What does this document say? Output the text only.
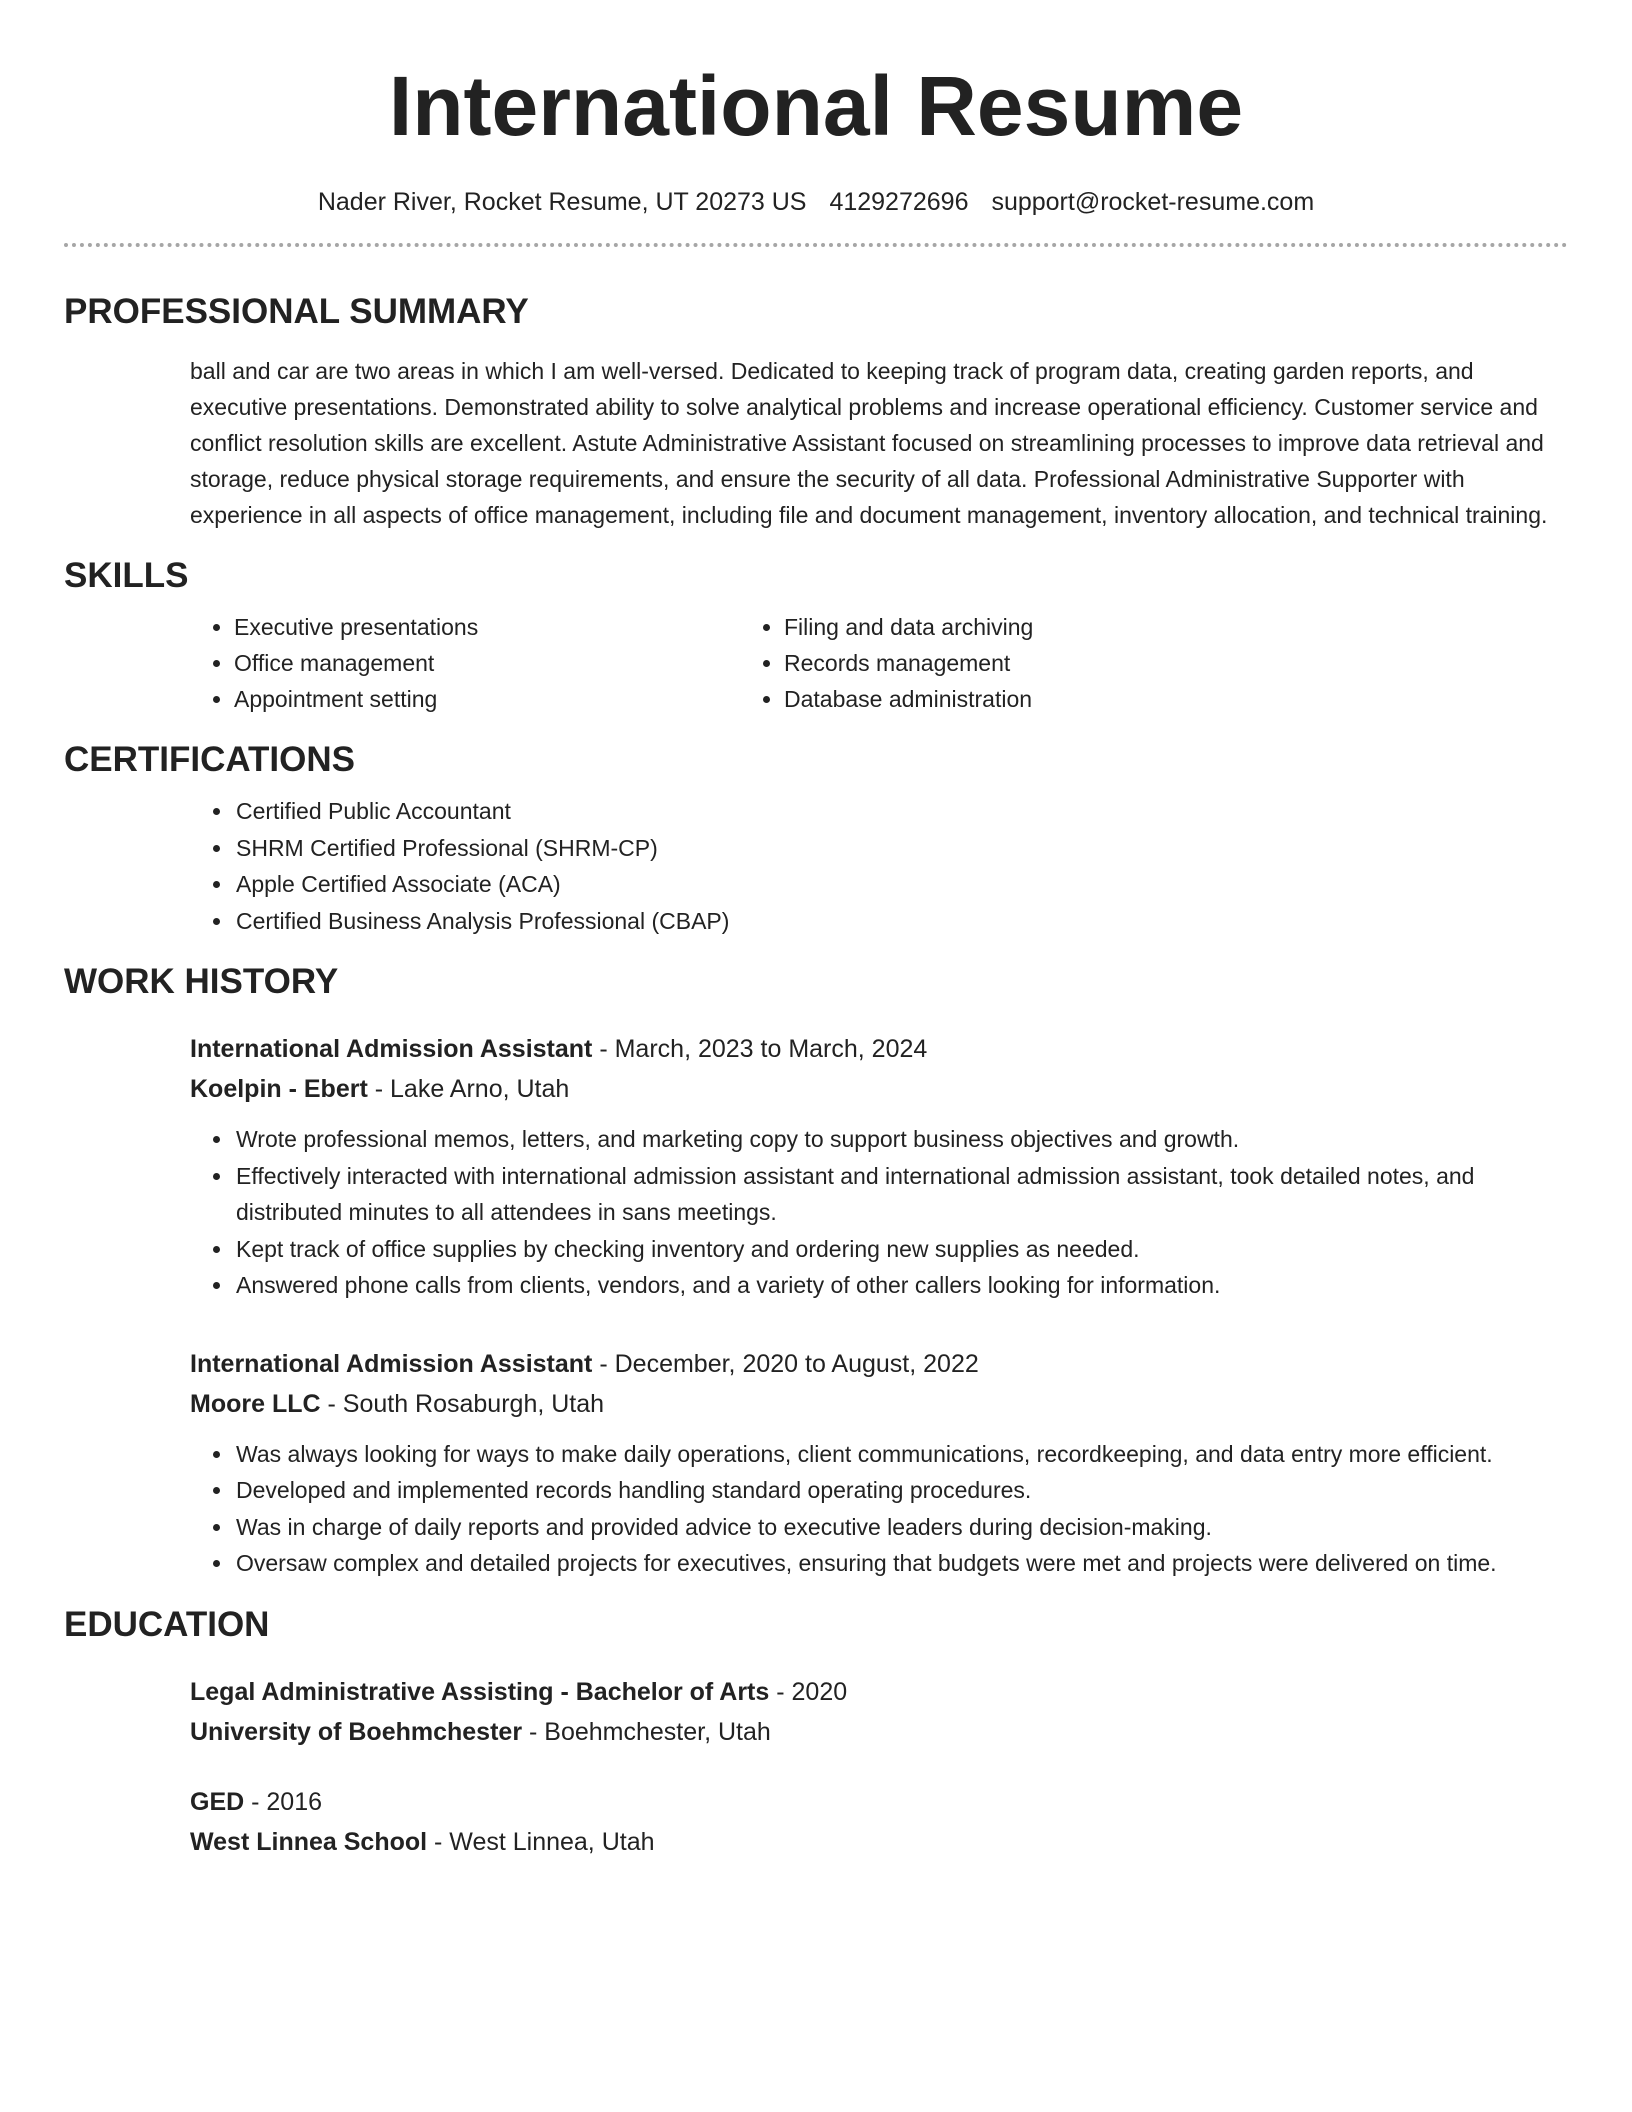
International Resume
Nader River, Rocket Resume, UT 20273 US 4129272696 support@rocket-resume.com
PROFESSIONAL SUMMARY
ball and car are two areas in which I am well-versed. Dedicated to keeping track of program data, creating garden reports, and executive presentations. Demonstrated ability to solve analytical problems and increase operational efficiency. Customer service and conflict resolution skills are excellent. Astute Administrative Assistant focused on streamlining processes to improve data retrieval and storage, reduce physical storage requirements, and ensure the security of all data. Professional Administrative Supporter with experience in all aspects of office management, including file and document management, inventory allocation, and technical training.
SKILLS
• Executive presentations
• Office management
• Appointment setting
• Filing and data archiving
• Records management
• Database administration
CERTIFICATIONS
• Certified Public Accountant
• SHRM Certified Professional (SHRM-CP)
• Apple Certified Associate (ACA)
• Certified Business Analysis Professional (CBAP)
WORK HISTORY
International Admission Assistant - March, 2023 to March, 2024
Koelpin - Ebert - Lake Arno, Utah
• Wrote professional memos, letters, and marketing copy to support business objectives and growth.
• Effectively interacted with international admission assistant and international admission assistant, took detailed notes, and distributed minutes to all attendees in sans meetings.
• Kept track of office supplies by checking inventory and ordering new supplies as needed.
• Answered phone calls from clients, vendors, and a variety of other callers looking for information.
International Admission Assistant - December, 2020 to August, 2022
Moore LLC - South Rosaburgh, Utah
• Was always looking for ways to make daily operations, client communications, recordkeeping, and data entry more efficient.
• Developed and implemented records handling standard operating procedures.
• Was in charge of daily reports and provided advice to executive leaders during decision-making.
• Oversaw complex and detailed projects for executives, ensuring that budgets were met and projects were delivered on time.
EDUCATION
Legal Administrative Assisting - Bachelor of Arts - 2020
University of Boehmchester - Boehmchester, Utah
GED - 2016
West Linnea School - West Linnea, Utah
